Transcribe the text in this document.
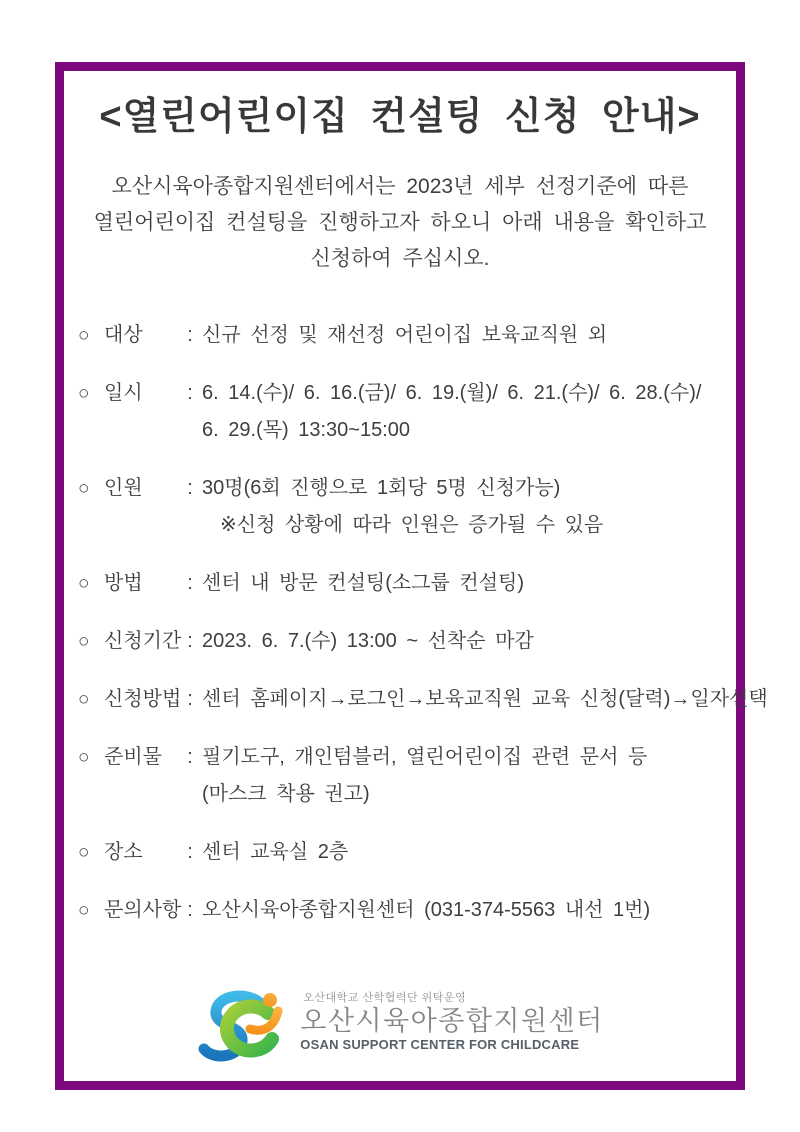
<열린어린이집 컨설팅 신청 안내>
오산시육아종합지원센터에서는 2023년 세부 선정기준에 따른
열린어린이집 컨설팅을 진행하고자 하오니 아래 내용을 확인하고
신청하여 주십시오.
○ 대상	: 신규 선정 및 재선정 어린이집 보육교직원 외
○ 일시	: 6. 14.(수)/ 6. 16.(금)/ 6. 19.(월)/ 6. 21.(수)/ 6. 28.(수)/
6. 29.(목) 13:30~15:00
○ 인원	: 30명(6회 진행으로 1회당 5명 신청가능)
※신청 상황에 따라 인원은 증가될 수 있음
○ 방법	: 센터 내 방문 컨설팅(소그룹 컨설팅)
○ 신청기간 : 2023. 6. 7.(수) 13:00 ~ 선착순 마감
○ 신청방법 : 센터 홈페이지→로그인→보육교직원 교육 신청(달력)→일자선택
○ 준비물	: 필기도구, 개인텀블러, 열린어린이집 관련 문서 등
(마스크 착용 권고)
○ 장소	: 센터 교육실 2층
○ 문의사항 : 오산시육아종합지원센터 (031-374-5563 내선 1번)
오산대학교 산학협력단 위탁운영
오산시육아종합지원센터
OSAN SUPPORT CENTER FOR CHILDCARE
